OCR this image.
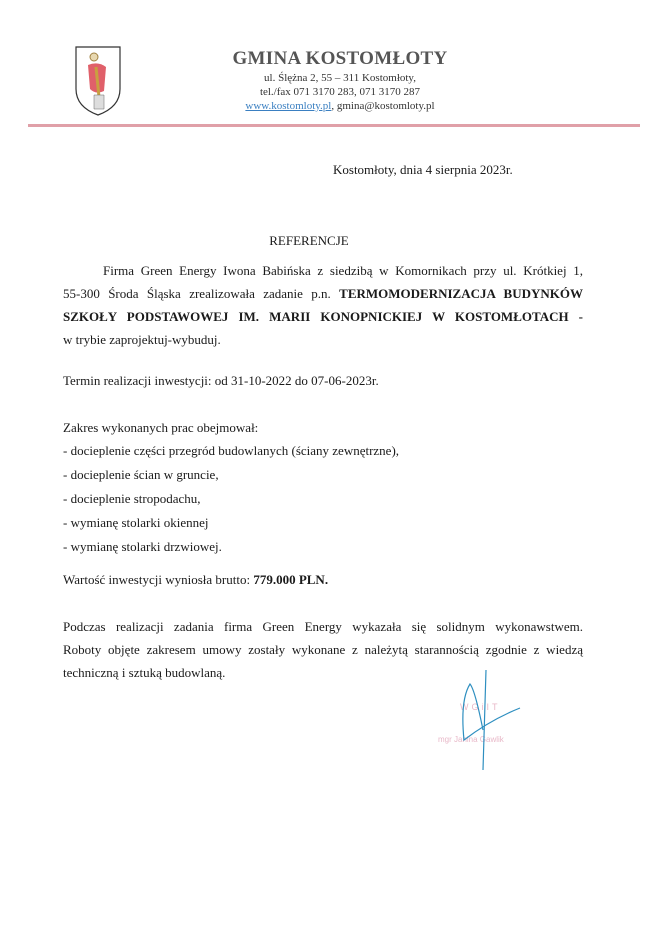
GMINA KOSTOMŁOTY
ul. Ślężna 2, 55 – 311 Kostomłoty,
tel./fax 071 3170 283, 071 3170 287
www.kostomloty.pl, gmina@kostomloty.pl
Kostomłoty, dnia 4 sierpnia 2023r.
REFERENCJE
Firma Green Energy Iwona Babińska z siedzibą w Komornikach przy ul. Krótkiej 1,
55-300 Środa Śląska zrealizowała zadanie p.n. TERMOMODERNIZACJA BUDYNKÓW
SZKOŁY PODSTAWOWEJ IM. MARII KONOPNICKIEJ W KOSTOMŁOTACH -
w trybie zaprojektuj-wybuduj.
Termin realizacji inwestycji: od 31-10-2022 do 07-06-2023r.
Zakres wykonanych prac obejmował:
- docieplenie części przegród budowlanych (ściany zewnętrzne),
- docieplenie ścian w gruncie,
- docieplenie stropodachu,
- wymianę stolarki okiennej
- wymianę stolarki drzwiowej.
Wartość inwestycji wyniosła brutto: 779.000 PLN.
Podczas realizacji zadania firma Green Energy wykazała się solidnym wykonawstwem.
Roboty objęte zakresem umowy zostały wykonane z należytą starannością zgodnie z wiedzą
techniczną i sztuką budowlaną.
WGiIT
mgr Janina Gawlik
